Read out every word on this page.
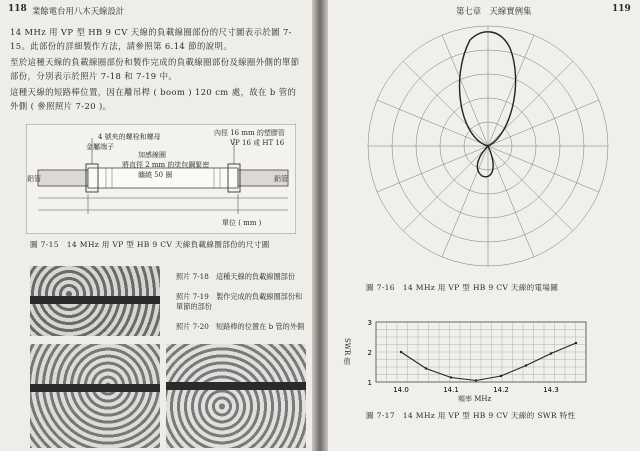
118 業餘電台用八木天線設計
14 MHz 用 VP 型 HB 9 CV 天線的負載線圈部份的尺寸圖表示於圖 7-15。此部份的詳細製作方法，請參照第 6.14 節的說明。
至於這種天線的負載線圈部份和製作完成的負載線圈部份及線圈外側的單節部份，分別表示於照片 7-18 和 7-19 中。
這種天線的短路棒位置，因在離吊桿 ( boom ) 120 cm 處，故在 b 管的外側 ( 參照照片 7-20 )。
4 號夾的螺栓和螺母
金屬端子
內徑 16 mm 的塑膠管
VP 16 或 HT 16
加感線圈
將直徑 2 mm 的塗包鋼緊密
纏繞 50 圈
鋁管	鋁管
單位 ( mm )
圖 7-15　14 MHz 用 VP 型 HB 9 CV 天線負載線圈部份的尺寸圖
照片 7-18　這種天線的負載線圈部份
照片 7-19　製作完成的負載線圈部份和單節的部份
照片 7-20　短路棒的位置在 b 管的外側
第七章　天線實例集	119
圖 7-16　14 MHz 用 VP 型 HB 9 CV 天線的電場圖
14.0	14.1	14.2	14.3
3
2
1
SWR 值
頻率 MHz
圖 7-17　14 MHz 用 VP 型 HB 9 CV 天線的 SWR 特性
